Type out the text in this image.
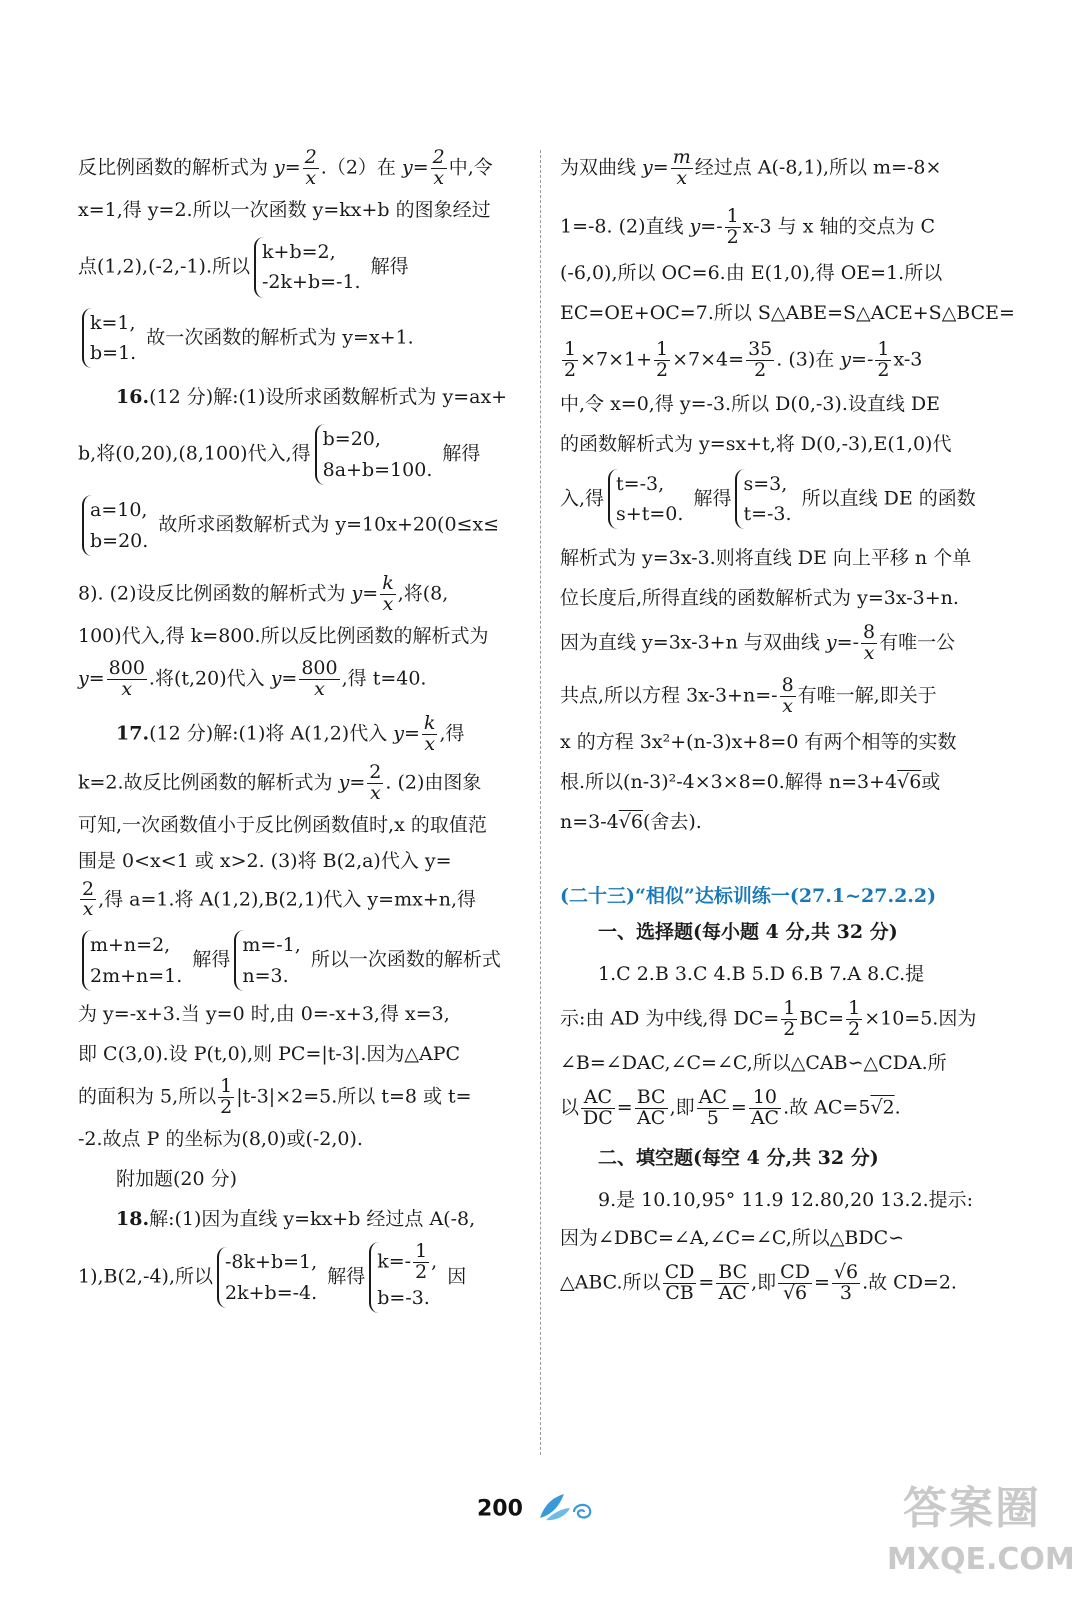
反比例函数的解析式为 $y= \frac{2}{x} .(2)$在 $y= \frac{2}{x}$ 中,令
x=1,得 y=2.所以一次函数 y=kx+b 的图象经过
点(1,2),(-2,-1).所以
k+b=2,
-2k+b=-1.
解得
k=1,
b=1.
故一次函数的解析式为 y=x+1.
16.(12 分)解:(1)设所求函数解析式为 y=ax+
b,将(0,20),(8,100)代入,得
b=20,
8a+b=100.
解得
a=10,
b=20.
故所求函数解析式为 y=10x+20(0≤x≤
8). (2)设反比例函数的解析式为 $y= \frac{k}{x}$ ,将(8,
100)代入,得 k=800.所以反比例函数的解析式为
$y= \frac{800}{x}$ .将(t,20)代入 $y= \frac{800}{x}$ ,得 t=40.
17.(12 分)解:(1)将 A(1,2)代入 $y= \frac{k}{x}$ ,得
k=2.故反比例函数的解析式为 $y= \frac{2}{x}$ . (2)由图象
可知,一次函数值小于反比例函数值时,x 的取值范
围是 0<x<1 或 x>2. (3)将 B(2,a)代入 y=
$\frac{2}{x}$ ,得 a=1.将 A(1,2),B(2,1)代入 y=mx+n,得
m+n=2,
2m+n=1.
解得
m=-1,
n=3.
所以一次函数的解析式
为 y=-x+3.当 y=0 时,由 0=-x+3,得 x=3,
即 C(3,0).设 P(t,0),则 PC=|t-3|.因为△APC
的面积为 5,所以 $\frac{1}{2} |t-3|\times 2=5$.所以 t=8 或 t=
-2.故点 P 的坐标为(8,0)或(-2,0).
附加题(20 分)
18.解:(1)因为直线 y=kx+b 经过点 A(-8,
1),B(2,-4),所以
-8k+b=1,
2k+b=-4.
解得
$k=- \frac{1}{2}$ ,
b=-3.
因
为双曲线 $y= \frac{m}{x}$ 经过点 A(-8,1),所以 m=-8×
1=-8. (2)直线 $y=- \frac{1}{2} x-3$ 与 x 轴的交点为 C
(-6,0),所以 OC=6.由 E(1,0),得 OE=1.所以
EC=OE+OC=7.所以 S△ABE=S△ACE+S△BCE=
$\frac{1}{2} \times 7\times 1+ \frac{1}{2} \times 7\times 4= \frac{35}{2}$ . (3)在 $y=- \frac{1}{2} x-3$
中,令 x=0,得 y=-3.所以 D(0,-3).设直线 DE
的函数解析式为 y=sx+t,将 D(0,-3),E(1,0)代
入,得
t=-3,
s+t=0.
解得
s=3,
t=-3.
所以直线 DE 的函数
解析式为 y=3x-3.则将直线 DE 向上平移 n 个单
位长度后,所得直线的函数解析式为 y=3x-3+n.
因为直线 y=3x-3+n 与双曲线 $y=- \frac{8}{x}$ 有唯一公
共点,所以方程 $3x-3+n=- \frac{8}{x}$ 有唯一解,即关于
x 的方程 3x²+(n-3)x+8=0 有两个相等的实数
根.所以(n-3)²-4×3×8=0.解得 n=3+4√6或
n=3-4√6(舍去).
(二十三)“相似”达标训练一(27.1~27.2.2)
一、选择题(每小题 4 分,共 32 分)
1.C 2.B 3.C 4.B 5.D 6.B 7.A 8.C.提
示:由 AD 为中线,得 $DC= \frac{1}{2} BC= \frac{1}{2} \times 10=5$.因为
∠B=∠DAC,∠C=∠C,所以△CAB∽△CDA.所
以 $\frac{AC}{DC} = \frac{BC}{AC}$ ,即 $\frac{AC}{5} = \frac{10}{AC}$ .故 AC=5√2.
二、填空题(每空 4 分,共 32 分)
9.是 10.10,95° 11.9 12.80,20 13.2.提示:
因为∠DBC=∠A,∠C=∠C,所以△BDC∽
△ABC.所以 $\frac{CD}{CB} = \frac{BC}{AC}$ ,即 $\frac{CD}{√6} = \frac{√6}{3}$ .故 CD=2.
200	答案圈
MXQE.COM
